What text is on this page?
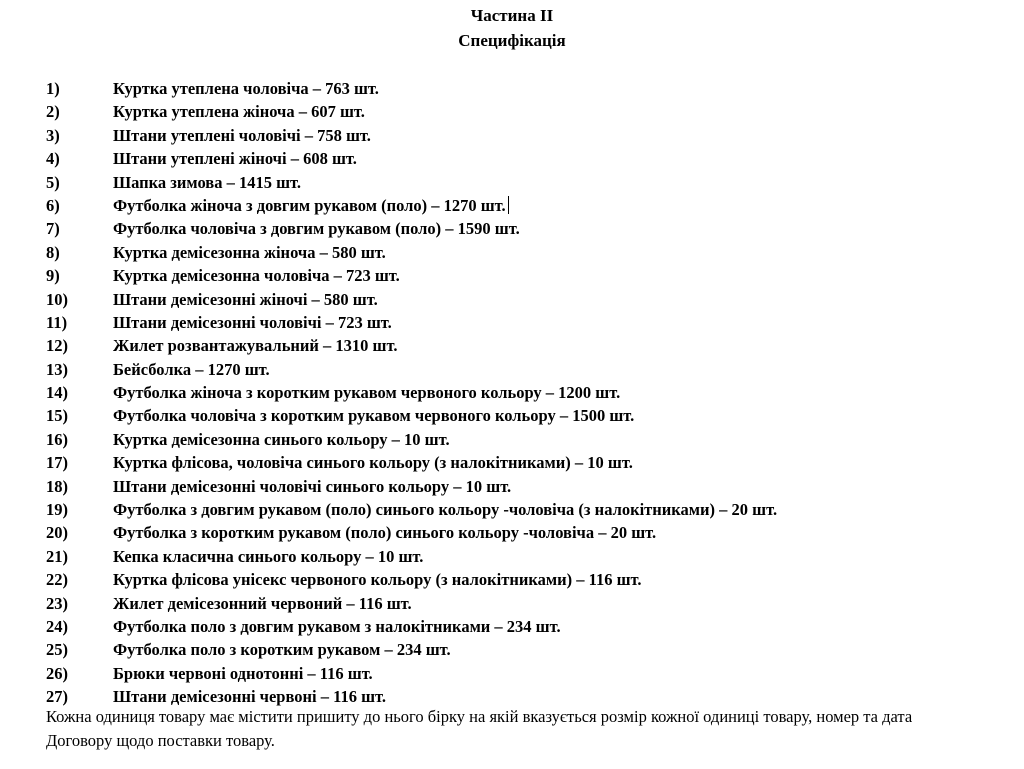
Частина ІІ
Специфікація
1)	Куртка утеплена чоловіча – 763 шт.
2)	Куртка утеплена жіноча – 607 шт.
3)	Штани утеплені чоловічі – 758 шт.
4)	Штани утеплені жіночі – 608 шт.
5)	Шапка зимова – 1415 шт.
6)	Футболка жіноча з довгим рукавом (поло) – 1270 шт.
7)	Футболка чоловіча з довгим рукавом (поло) – 1590 шт.
8)	Куртка демісезонна жіноча – 580 шт.
9)	Куртка демісезонна чоловіча – 723 шт.
10)	Штани демісезонні жіночі – 580 шт.
11)	Штани демісезонні чоловічі – 723 шт.
12)	Жилет розвантажувальний – 1310 шт.
13)	Бейсболка – 1270 шт.
14)	Футболка жіноча з коротким рукавом червоного кольору – 1200 шт.
15)	Футболка чоловіча з коротким рукавом червоного кольору – 1500 шт.
16)	Куртка демісезонна синього кольору – 10 шт.
17)	Куртка флісова, чоловіча синього кольору (з налокітниками) – 10 шт.
18)	Штани демісезонні чоловічі синього кольору – 10 шт.
19)	Футболка з довгим рукавом (поло) синього кольору -чоловіча (з налокітниками) – 20 шт.
20)	Футболка з коротким рукавом (поло) синього кольору -чоловіча – 20 шт.
21)	Кепка класична синього кольору – 10 шт.
22)	Куртка флісова унісекс червоного кольору (з налокітниками) – 116 шт.
23)	Жилет демісезонний червоний – 116 шт.
24)	Футболка поло з довгим рукавом з налокітниками – 234 шт.
25)	Футболка поло з коротким рукавом – 234 шт.
26)	Брюки червоні однотонні – 116 шт.
27)	Штани демісезонні червоні – 116 шт.

Кожна одиниця товару має містити пришиту до нього бірку на якій вказується розмір кожної одиниці товару, номер та дата Договору щодо поставки товару.
